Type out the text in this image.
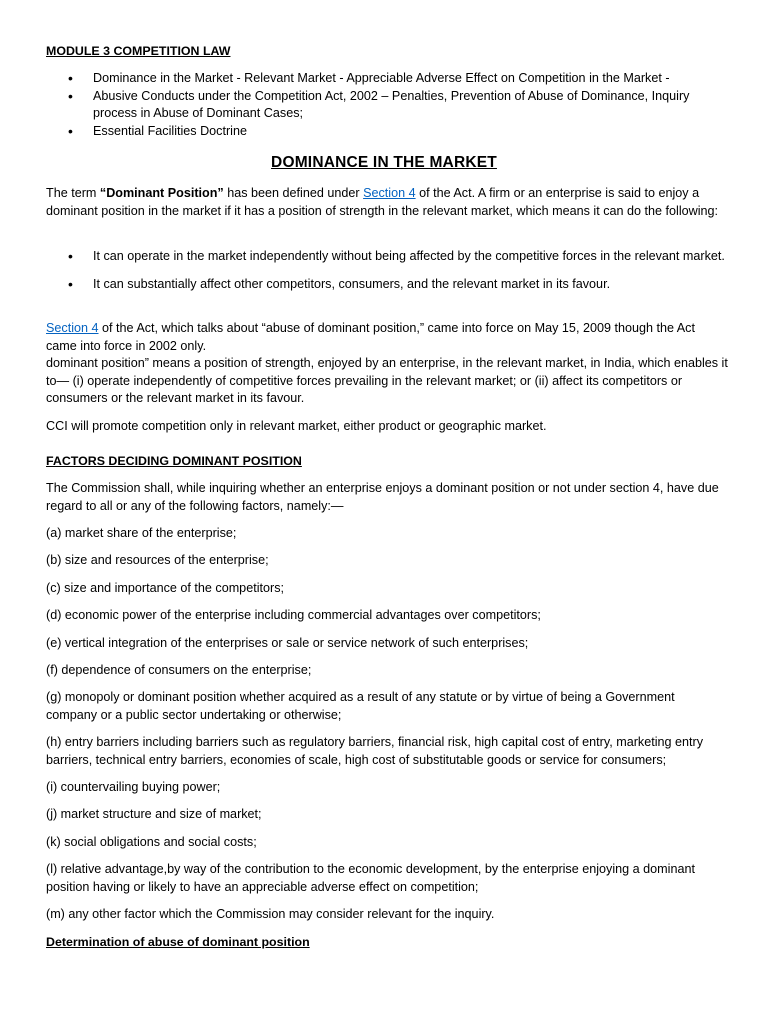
MODULE 3 COMPETITION LAW
• Dominance in the Market - Relevant Market - Appreciable Adverse Effect on Competition in the Market -
• Abusive Conducts under the Competition Act, 2002 – Penalties, Prevention of Abuse of Dominance, Inquiry process in Abuse of Dominant Cases;
• Essential Facilities Doctrine
DOMINANCE IN THE MARKET
The term “Dominant Position” has been defined under Section 4 of the Act. A firm or an enterprise is said to enjoy a dominant position in the market if it has a position of strength in the relevant market, which means it can do the following:
• It can operate in the market independently without being affected by the competitive forces in the relevant market.
• It can substantially affect other competitors, consumers, and the relevant market in its favour.
Section 4 of the Act, which talks about “abuse of dominant position,” came into force on May 15, 2009 though the Act came into force in 2002 only.
dominant position” means a position of strength, enjoyed by an enterprise, in the relevant market, in India, which enables it to— (i) operate independently of competitive forces prevailing in the relevant market; or (ii) affect its competitors or consumers or the relevant market in its favour.
CCI will promote competition only in relevant market, either product or geographic market.
FACTORS DECIDING DOMINANT POSITION
The Commission shall, while inquiring whether an enterprise enjoys a dominant position or not under section 4, have due regard to all or any of the following factors, namely:—
(a) market share of the enterprise;
(b) size and resources of the enterprise;
(c) size and importance of the competitors;
(d) economic power of the enterprise including commercial advantages over competitors;
(e) vertical integration of the enterprises or sale or service network of such enterprises;
(f) dependence of consumers on the enterprise;
(g) monopoly or dominant position whether acquired as a result of any statute or by virtue of being a Government company or a public sector undertaking or otherwise;
(h) entry barriers including barriers such as regulatory barriers, financial risk, high capital cost of entry, marketing entry barriers, technical entry barriers, economies of scale, high cost of substitutable goods or service for consumers;
(i) countervailing buying power;
(j) market structure and size of market;
(k) social obligations and social costs;
(l) relative advantage,by way of the contribution to the economic development, by the enterprise enjoying a dominant position having or likely to have an appreciable adverse effect on competition;
(m) any other factor which the Commission may consider relevant for the inquiry.
Determination of abuse of dominant position
